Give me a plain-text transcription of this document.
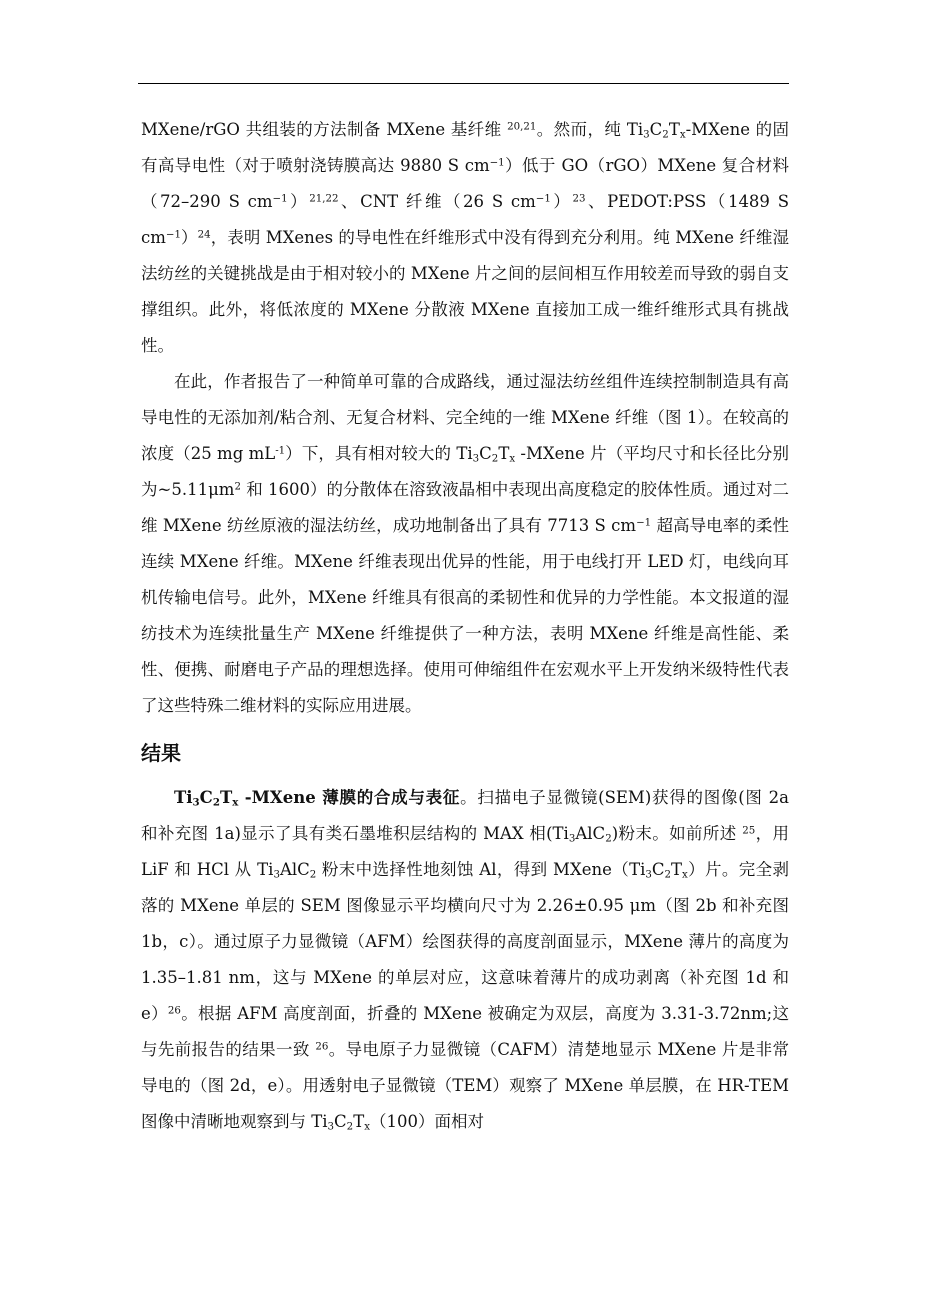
MXene/rGO 共组装的方法制备 MXene 基纤维 $^{20,21}$。然而，纯 $Ti_3C_2T_x$-MXene 的固有高导电性（对于喷射浇铸膜高达 9880 S $cm^{-1}$）低于 GO（rGO）MXene 复合材料（72–290 S $cm^{-1})^{21,22}$、CNT 纤维（26 S $cm^{-1})^{23}$、PEDOT:PSS（1489 S $cm^{-1})^{24}$，表明 MXenes 的导电性在纤维形式中没有得到充分利用。纯 MXene 纤维湿法纺丝的关键挑战是由于相对较小的 MXene 片之间的层间相互作用较差而导致的弱自支撑组织。此外，将低浓度的 MXene 分散液 MXene 直接加工成一维纤维形式具有挑战性。

在此，作者报告了一种简单可靠的合成路线，通过湿法纺丝组件连续控制制造具有高导电性的无添加剂/粘合剂、无复合材料、完全纯的一维 MXene 纤维（图 1）。在较高的浓度（25 mg $mL^{-1}$）下，具有相对较大的 $Ti_3C_2T_x$ -MXene 片（平均尺寸和长径比分别为$\sim 5.11\mu m^2$ 和 1600）的分散体在溶致液晶相中表现出高度稳定的胶体性质。通过对二维 MXene 纺丝原液的湿法纺丝，成功地制备出了具有 7713 S $cm^{-1}$ 超高导电率的柔性连续 MXene 纤维。MXene 纤维表现出优异的性能，用于电线打开 LED 灯，电线向耳机传输电信号。此外，MXene 纤维具有很高的柔韧性和优异的力学性能。本文报道的湿纺技术为连续批量生产 MXene 纤维提供了一种方法，表明 MXene 纤维是高性能、柔性、便携、耐磨电子产品的理想选择。使用可伸缩组件在宏观水平上开发纳米级特性代表了这些特殊二维材料的实际应用进展。

结果

$Ti_3C_2T_x$ -MXene 薄膜的合成与表征。扫描电子显微镜(SEM)获得的图像(图 2a 和补充图 1a)显示了具有类石墨堆积层结构的 MAX 相$(Ti_3AlC_2)$粉末。如前所述 $^{25}$，用 LiF 和 HCl 从 $Ti_3AlC_2$ 粉末中选择性地刻蚀 Al，得到 $MXene(Ti_3C_2T_x)$片。完全剥落的 MXene 单层的 SEM 图像显示平均横向尺寸为 2.26±0.95 μm（图 2b 和补充图 1b，c）。通过原子力显微镜（AFM）绘图获得的高度剖面显示，MXene 薄片的高度为 1.35–1.81 nm，这与 MXene 的单层对应，这意味着薄片的成功剥离（补充图 1d 和 e）$^{26}$。根据 AFM 高度剖面，折叠的 MXene 被确定为双层，高度为 3.31-3.72nm;这与先前报告的结果一致 $^{26}$。导电原子力显微镜（CAFM）清楚地显示 MXene 片是非常导电的（图 2d，e）。用透射电子显微镜（TEM）观察了 MXene 单层膜，在 HR-TEM 图像中清晰地观察到与 $Ti_3C_2T_x(100)$面相对
